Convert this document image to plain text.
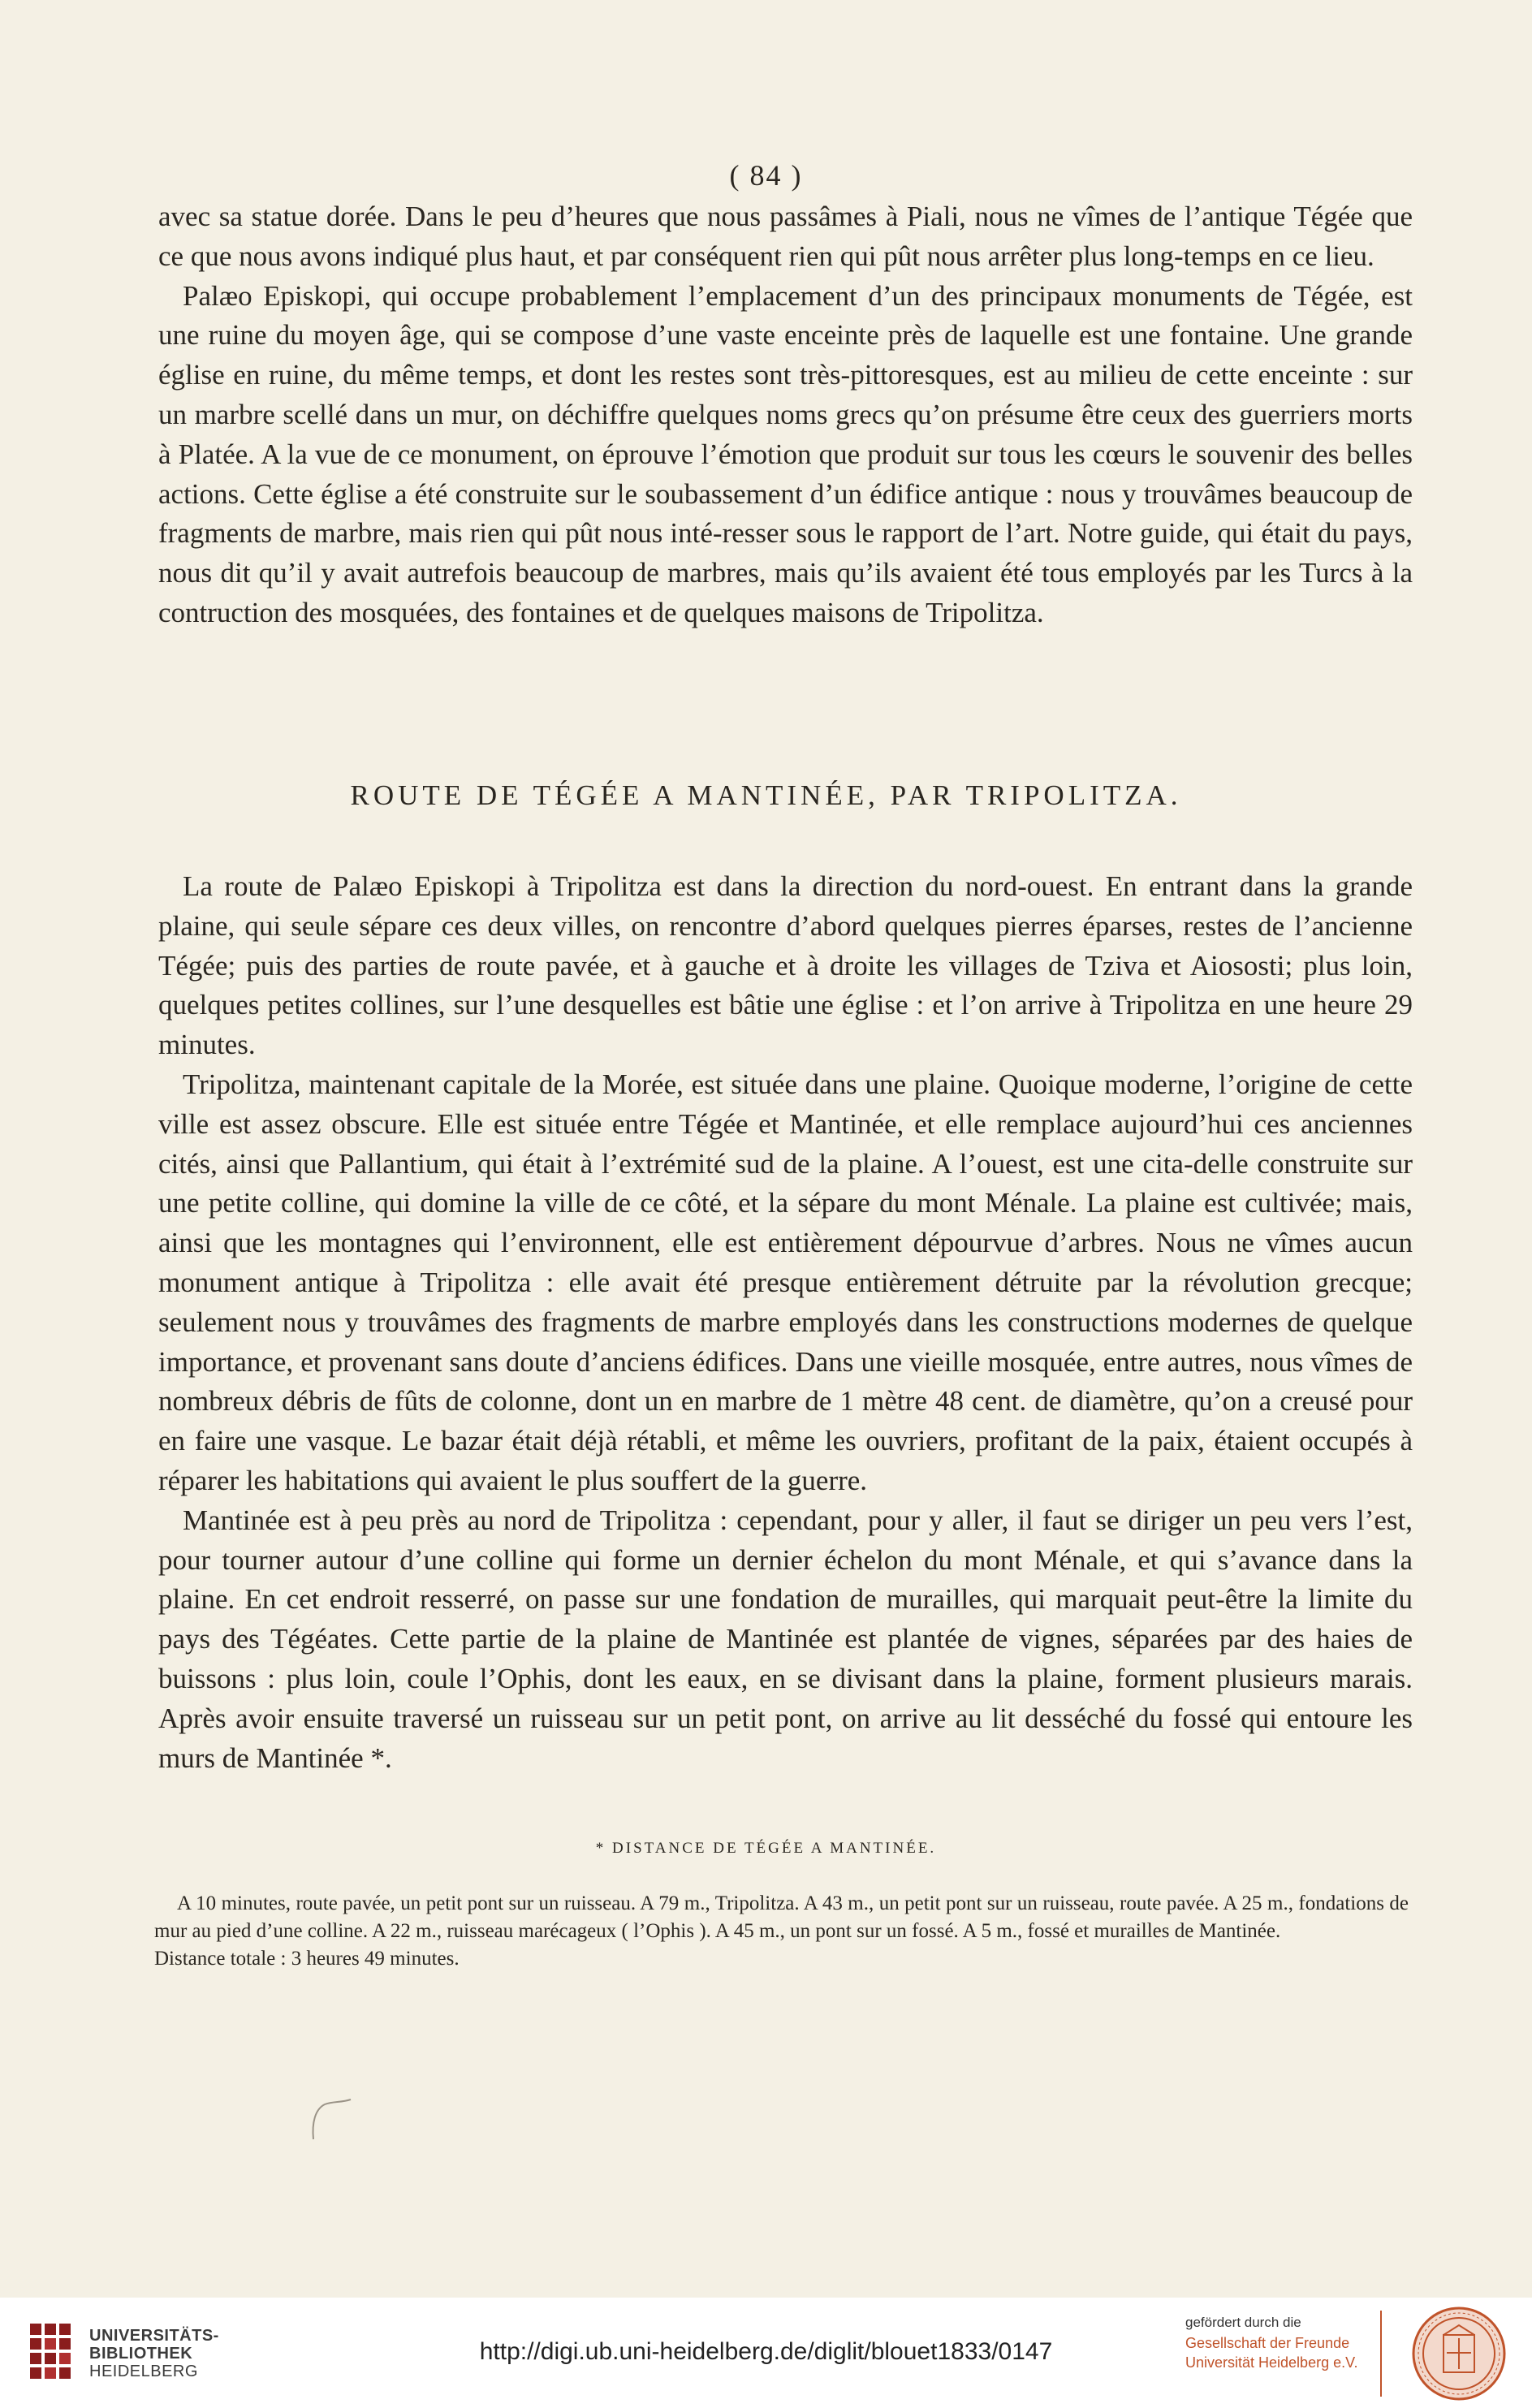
( 84 )

avec sa statue dorée. Dans le peu d’heures que nous passâmes à Piali, nous ne vîmes de l’antique Tégée que ce que nous avons indiqué plus haut, et par conséquent rien qui pût nous arrêter plus long-temps en ce lieu.

Palæo Episkopi, qui occupe probablement l’emplacement d’un des principaux monuments de Tégée, est une ruine du moyen âge, qui se compose d’une vaste enceinte près de laquelle est une fontaine. Une grande église en ruine, du même temps, et dont les restes sont très-pittoresques, est au milieu de cette enceinte : sur un marbre scellé dans un mur, on déchiffre quelques noms grecs qu’on présume être ceux des guerriers morts à Platée. A la vue de ce monument, on éprouve l’émotion que produit sur tous les cœurs le souvenir des belles actions. Cette église a été construite sur le soubassement d’un édifice antique : nous y trouvâmes beaucoup de fragments de marbre, mais rien qui pût nous inté-resser sous le rapport de l’art. Notre guide, qui était du pays, nous dit qu’il y avait autrefois beaucoup de marbres, mais qu’ils avaient été tous employés par les Turcs à la contruction des mosquées, des fontaines et de quelques maisons de Tripolitza.

ROUTE DE TÉGÉE A MANTINÉE, PAR TRIPOLITZA.

La route de Palæo Episkopi à Tripolitza est dans la direction du nord-ouest. En entrant dans la grande plaine, qui seule sépare ces deux villes, on rencontre d’abord quelques pierres éparses, restes de l’ancienne Tégée; puis des parties de route pavée, et à gauche et à droite les villages de Tziva et Aiososti; plus loin, quelques petites collines, sur l’une desquelles est bâtie une église : et l’on arrive à Tripolitza en une heure 29 minutes.

Tripolitza, maintenant capitale de la Morée, est située dans une plaine. Quoique moderne, l’origine de cette ville est assez obscure. Elle est située entre Tégée et Mantinée, et elle remplace aujourd’hui ces anciennes cités, ainsi que Pallantium, qui était à l’extrémité sud de la plaine. A l’ouest, est une cita-delle construite sur une petite colline, qui domine la ville de ce côté, et la sépare du mont Ménale. La plaine est cultivée; mais, ainsi que les montagnes qui l’environnent, elle est entièrement dépourvue d’arbres. Nous ne vîmes aucun monument antique à Tripolitza : elle avait été presque entièrement détruite par la révolution grecque; seulement nous y trouvâmes des fragments de marbre employés dans les constructions modernes de quelque importance, et provenant sans doute d’anciens édifices. Dans une vieille mosquée, entre autres, nous vîmes de nombreux débris de fûts de colonne, dont un en marbre de 1 mètre 48 cent. de diamètre, qu’on a creusé pour en faire une vasque. Le bazar était déjà rétabli, et même les ouvriers, profitant de la paix, étaient occupés à réparer les habitations qui avaient le plus souffert de la guerre.

Mantinée est à peu près au nord de Tripolitza : cependant, pour y aller, il faut se diriger un peu vers l’est, pour tourner autour d’une colline qui forme un dernier échelon du mont Ménale, et qui s’avance dans la plaine. En cet endroit resserré, on passe sur une fondation de murailles, qui marquait peut-être la limite du pays des Tégéates. Cette partie de la plaine de Mantinée est plantée de vignes, séparées par des haies de buissons : plus loin, coule l’Ophis, dont les eaux, en se divisant dans la plaine, forment plusieurs marais. Après avoir ensuite traversé un ruisseau sur un petit pont, on arrive au lit desséché du fossé qui entoure les murs de Mantinée *.

* DISTANCE DE TÉGÉE A MANTINÉE.

A 10 minutes, route pavée, un petit pont sur un ruisseau. A 79 m., Tripolitza. A 43 m., un petit pont sur un ruisseau, route pavée. A 25 m., fondations de mur au pied d’une colline. A 22 m., ruisseau marécageux ( l’Ophis ). A 45 m., un pont sur un fossé. A 5 m., fossé et murailles de Mantinée.

Distance totale : 3 heures 49 minutes.

UNIVERSITÄTS-
BIBLIOTHEK
HEIDELBERG
http://digi.ub.uni-heidelberg.de/diglit/blouet1833/0147
gefördert durch die
Gesellschaft der Freunde
Universität Heidelberg e.V.
